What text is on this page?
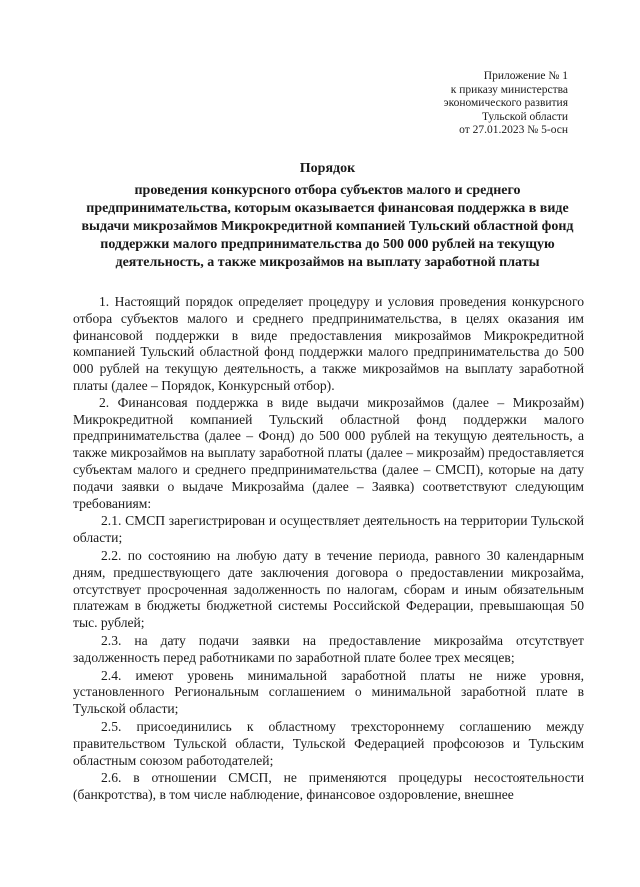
Приложение № 1
к приказу министерства
экономического развития
Тульской области
от 27.01.2023 № 5-осн
Порядок
проведения конкурсного отбора субъектов малого и среднего предпринимательства, которым оказывается финансовая поддержка в виде выдачи микрозаймов Микрокредитной компанией Тульский областной фонд поддержки малого предпринимательства до 500 000 рублей на текущую деятельность, а также микрозаймов на выплату заработной платы

1. Настоящий порядок определяет процедуру и условия проведения конкурсного отбора субъектов малого и среднего предпринимательства, в целях оказания им финансовой поддержки в виде предоставления микрозаймов Микрокредитной компанией Тульский областной фонд поддержки малого предпринимательства до 500 000 рублей на текущую деятельность, а также микрозаймов на выплату заработной платы (далее – Порядок, Конкурсный отбор).

2. Финансовая поддержка в виде выдачи микрозаймов (далее – Микрозайм) Микрокредитной компанией Тульский областной фонд поддержки малого предпринимательства (далее – Фонд) до 500 000 рублей на текущую деятельность, а также микрозаймов на выплату заработной платы (далее – микрозайм) предоставляется субъектам малого и среднего предпринимательства (далее – СМСП), которые на дату подачи заявки о выдаче Микрозайма (далее – Заявка) соответствуют следующим требованиям:

2.1. СМСП зарегистрирован и осуществляет деятельность на территории Тульской области;

2.2. по состоянию на любую дату в течение периода, равного 30 календарным дням, предшествующего дате заключения договора о предоставлении микрозайма, отсутствует просроченная задолженность по налогам, сборам и иным обязательным платежам в бюджеты бюджетной системы Российской Федерации, превышающая 50 тыс. рублей;

2.3. на дату подачи заявки на предоставление микрозайма отсутствует задолженность перед работниками по заработной плате более трех месяцев;

2.4. имеют уровень минимальной заработной платы не ниже уровня, установленного Региональным соглашением о минимальной заработной плате в Тульской области;

2.5. присоединились к областному трехстороннему соглашению между правительством Тульской области, Тульской Федерацией профсоюзов и Тульским областным союзом работодателей;

2.6. в отношении СМСП, не применяются процедуры несостоятельности (банкротства), в том числе наблюдение, финансовое оздоровление, внешнее
